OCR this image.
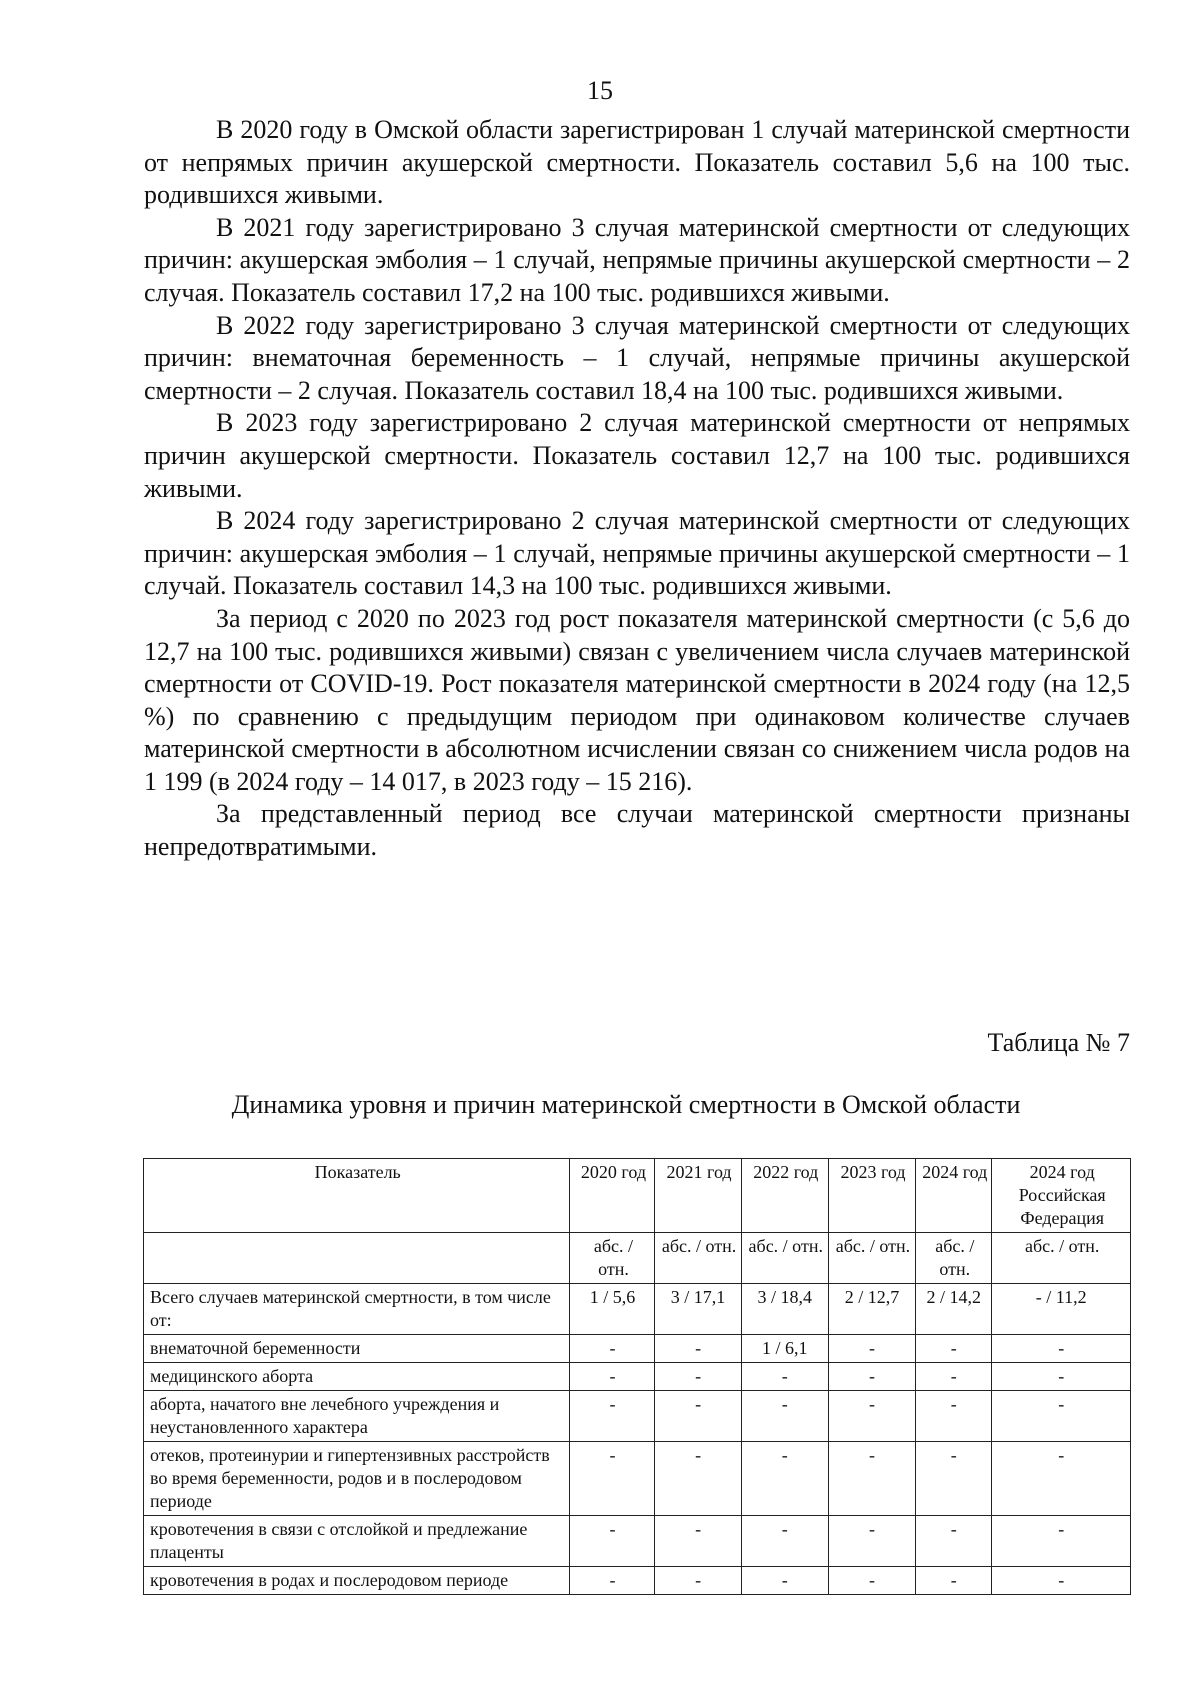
15

В 2020 году в Омской области зарегистрирован 1 случай материнской смертности от непрямых причин акушерской смертности. Показатель составил 5,6 на 100 тыс. родившихся живыми.

В 2021 году зарегистрировано 3 случая материнской смертности от следующих причин: акушерская эмболия – 1 случай, непрямые причины акушерской смертности – 2 случая. Показатель составил 17,2 на 100 тыс. родившихся живыми.

В 2022 году зарегистрировано 3 случая материнской смертности от следующих причин: внематочная беременность – 1 случай, непрямые причины акушерской смертности – 2 случая. Показатель составил 18,4 на 100 тыс. родившихся живыми.

В 2023 году зарегистрировано 2 случая материнской смертности от непрямых причин акушерской смертности. Показатель составил 12,7 на 100 тыс. родившихся живыми.

В 2024 году зарегистрировано 2 случая материнской смертности от следующих причин: акушерская эмболия – 1 случай, непрямые причины акушерской смертности – 1 случай. Показатель составил 14,3 на 100 тыс. родившихся живыми.

За период с 2020 по 2023 год рост показателя материнской смертности (с 5,6 до 12,7 на 100 тыс. родившихся живыми) связан с увеличением числа случаев материнской смертности от COVID-19. Рост показателя материнской смертности в 2024 году (на 12,5 %) по сравнению с предыдущим периодом при одинаковом количестве случаев материнской смертности в абсолютном исчислении связан со снижением числа родов на 1 199 (в 2024 году – 14 017, в 2023 году – 15 216).

За представленный период все случаи материнской смертности признаны непредотвратимыми.

Таблица № 7
Динамика уровня и причин материнской смертности в Омской области
Показатель	2020 год	2021 год	2022 год	2023 год	2024 год	2024 год Российская Федерация
	абс. / отн.	абс. / отн.	абс. / отн.	абс. / отн.	абс. / отн.	абс. / отн.
Всего случаев материнской смертности, в том числе от:	1 / 5,6	3 / 17,1	3 / 18,4	2 / 12,7	2 / 14,2	- / 11,2
внематочной беременности	-	-	1 / 6,1	-	-	-
медицинского аборта	-	-	-	-	-	-
аборта, начатого вне лечебного учреждения и неустановленного характера	-	-	-	-	-	-
отеков, протеинурии и гипертензивных расстройств во время беременности, родов и в послеродовом периоде	-	-	-	-	-	-
кровотечения в связи с отслойкой и предлежание плаценты	-	-	-	-	-	-
кровотечения в родах и послеродовом периоде	-	-	-	-	-	-
